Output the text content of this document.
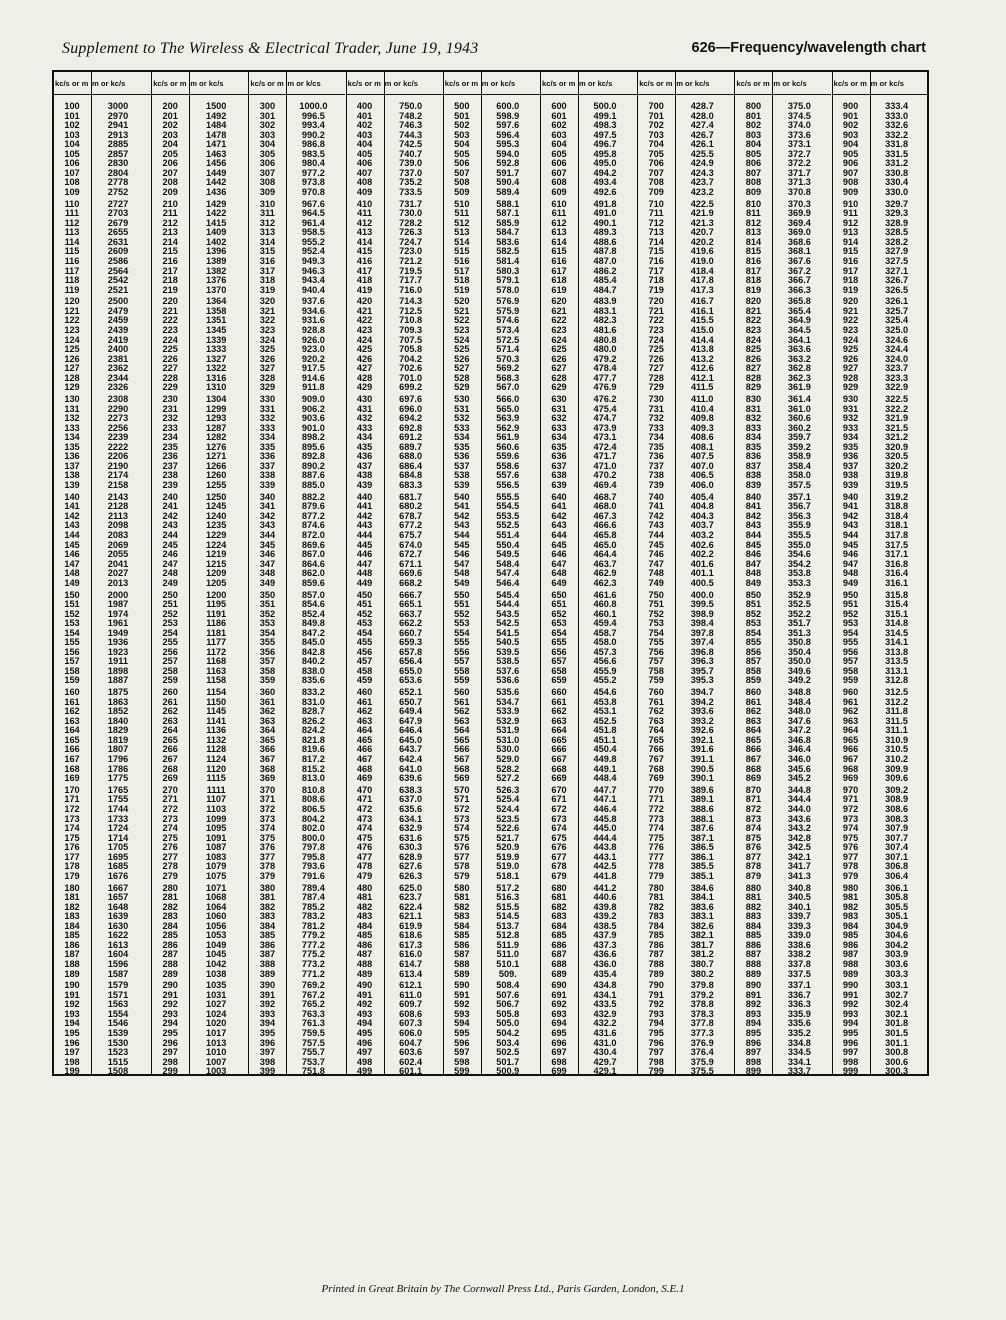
Supplement to The Wireless & Electrical Trader, June 19, 1943	626—Frequency/wavelength chart
kc/s or m m or kc/s
100	3000
101	2970
102	2941
103	2913
104	2885
105	2857
106	2830
107	2804
108	2778
109	2752
110	2727
111	2703
112	2679
113	2655
114	2631
115	2609
116	2586
117	2564
118	2542
119	2521
120	2500
121	2479
122	2459
123	2439
124	2419
125	2400
126	2381
127	2362
128	2344
129	2326
130	2308
131	2290
132	2273
133	2256
134	2239
135	2222
136	2206
137	2190
138	2174
139	2158
140	2143
141	2128
142	2113
143	2098
144	2083
145	2069
146	2055
147	2041
148	2027
149	2013
150	2000
151	1987
152	1974
153	1961
154	1949
155	1936
156	1923
157	1911
158	1898
159	1887
160	1875
161	1863
162	1852
163	1840
164	1829
165	1819
166	1807
167	1796
168	1786
169	1775
170	1765
171	1755
172	1744
173	1733
174	1724
175	1714
176	1705
177	1695
178	1685
179	1676
180	1667
181	1657
182	1648
183	1639
184	1630
185	1622
186	1613
187	1604
188	1596
189	1587
190	1579
191	1571
192	1563
193	1554
194	1546
195	1539
196	1530
197	1523
198	1515
199	1508
kc/s or m m or kc/s
200	1500
201	1492
202	1484
203	1478
204	1471
205	1463
206	1456
207	1449
208	1442
209	1436
210	1429
211	1422
212	1415
213	1409
214	1402
215	1396
216	1389
217	1382
218	1376
219	1370
220	1364
221	1358
222	1351
223	1345
224	1339
225	1333
226	1327
227	1322
228	1316
229	1310
230	1304
231	1299
232	1293
233	1287
234	1282
235	1276
236	1271
237	1266
238	1260
239	1255
240	1250
241	1245
242	1240
243	1235
244	1229
245	1224
246	1219
247	1215
248	1209
249	1205
250	1200
251	1195
252	1191
253	1186
254	1181
255	1177
256	1172
257	1168
258	1163
259	1158
260	1154
261	1150
262	1145
263	1141
264	1136
265	1132
266	1128
267	1124
268	1120
269	1115
270	1111
271	1107
272	1103
273	1099
274	1095
275	1091
276	1087
277	1083
278	1079
279	1075
280	1071
281	1068
282	1064
283	1060
284	1056
285	1053
286	1049
287	1045
288	1042
289	1038
290	1035
291	1031
292	1027
293	1024
294	1020
295	1017
296	1013
297	1010
298	1007
299	1003
kc/s or m m or k/cs
300	1000.0
301	996.5
302	993.4
303	990.2
304	986.8
305	983.5
306	980.4
307	977.2
308	973.8
309	970.8
310	967.6
311	964.5
312	961.4
313	958.5
314	955.2
315	952.4
316	949.3
317	946.3
318	943.4
319	940.4
320	937.6
321	934.6
322	931.6
323	928.8
324	926.0
325	923.0
326	920.2
327	917.5
328	914.6
329	911.8
330	909.0
331	906.2
332	903.6
333	901.0
334	898.2
335	895.6
336	892.8
337	890.2
338	887.6
339	885.0
340	882.2
341	879.6
342	877.2
343	874.6
344	872.0
345	869.6
346	867.0
347	864.6
348	862.0
349	859.6
350	857.0
351	854.6
352	852.4
353	849.8
354	847.2
355	845.0
356	842.8
357	840.2
358	838.0
359	835.6
360	833.2
361	831.0
362	828.7
363	826.2
364	824.2
365	821.8
366	819.6
367	817.2
368	815.2
369	813.0
370	810.8
371	808.6
372	806.5
373	804.2
374	802.0
375	800.0
376	797.8
377	795.8
378	793.6
379	791.6
380	789.4
381	787.4
382	785.2
383	783.2
384	781.2
385	779.2
386	777.2
387	775.2
388	773.2
389	771.2
390	769.2
391	767.2
392	765.2
393	763.3
394	761.3
395	759.5
396	757.5
397	755.7
398	753.7
399	751.8
kc/s or m m or kc/s
400	750.0
401	748.2
402	746.3
403	744.3
404	742.5
405	740.7
406	739.0
407	737.0
408	735.2
409	733.5
410	731.7
411	730.0
412	728.2
413	726.3
414	724.7
415	723.0
416	721.2
417	719.5
418	717.7
419	716.0
420	714.3
421	712.5
422	710.8
423	709.3
424	707.5
425	705.8
426	704.2
427	702.6
428	701.0
429	699.2
430	697.6
431	696.0
432	694.2
433	692.8
434	691.2
435	689.7
436	688.0
437	686.4
438	684.8
439	683.3
440	681.7
441	680.2
442	678.7
443	677.2
444	675.7
445	674.0
446	672.7
447	671.1
448	669.6
449	668.2
450	666.7
451	665.1
452	663.7
453	662.2
454	660.7
455	659.3
456	657.8
457	656.4
458	655.0
459	653.6
460	652.1
461	650.7
462	649.4
463	647.9
464	646.4
465	645.0
466	643.7
467	642.4
468	641.0
469	639.6
470	638.3
471	637.0
472	635.6
473	634.1
474	632.9
475	631.6
476	630.3
477	628.9
478	627.6
479	626.3
480	625.0
481	623.7
482	622.4
483	621.1
484	619.9
485	618.6
486	617.3
487	616.0
488	614.7
489	613.4
490	612.1
491	611.0
492	609.7
493	608.6
494	607.3
495	606.0
496	604.7
497	603.6
498	602.4
499	601.1
kc/s or m m or kc/s
500	600.0
501	598.9
502	597.6
503	596.4
504	595.3
505	594.0
506	592.8
507	591.7
508	590.4
509	589.4
510	588.1
511	587.1
512	585.9
513	584.7
514	583.6
515	582.5
516	581.4
517	580.3
518	579.1
519	578.0
520	576.9
521	575.9
522	574.6
523	573.4
524	572.5
525	571.4
526	570.3
527	569.2
528	568.3
529	567.0
530	566.0
531	565.0
532	563.9
533	562.9
534	561.9
535	560.6
536	559.6
537	558.6
538	557.6
539	556.5
540	555.5
541	554.5
542	553.5
543	552.5
544	551.4
545	550.4
546	549.5
547	548.4
548	547.4
549	546.4
550	545.4
551	544.4
552	543.5
553	542.5
554	541.5
555	540.5
556	539.5
557	538.5
558	537.6
559	536.6
560	535.6
561	534.7
562	533.9
563	532.9
564	531.9
565	531.0
566	530.0
567	529.0
568	528.2
569	527.2
570	526.3
571	525.4
572	524.4
573	523.5
574	522.6
575	521.7
576	520.9
577	519.9
578	519.0
579	518.1
580	517.2
581	516.3
582	515.5
583	514.5
584	513.7
585	512.8
586	511.9
587	511.0
588	510.1
589	509.
590	508.4
591	507.6
592	506.7
593	505.8
594	505.0
595	504.2
596	503.4
597	502.5
598	501.7
599	500.9
kc/s or m m or kc/s
600	500.0
601	499.1
602	498.3
603	497.5
604	496.7
605	495.8
606	495.0
607	494.2
608	493.4
609	492.6
610	491.8
611	491.0
612	490.1
613	489.3
614	488.6
615	487.8
616	487.0
617	486.2
618	485.4
619	484.7
620	483.9
621	483.1
622	482.3
623	481.6
624	480.8
625	480.0
626	479.2
627	478.4
628	477.7
629	476.9
630	476.2
631	475.4
632	474.7
633	473.9
634	473.1
635	472.4
636	471.7
637	471.0
638	470.2
639	469.4
640	468.7
641	468.0
642	467.3
643	466.6
644	465.8
645	465.0
646	464.4
647	463.7
648	462.9
649	462.3
650	461.6
651	460.8
652	460.1
653	459.4
654	458.7
655	458.0
656	457.3
657	456.6
658	455.9
659	455.2
660	454.6
661	453.8
662	453.1
663	452.5
664	451.8
665	451.1
666	450.4
667	449.8
668	449.1
669	448.4
670	447.7
671	447.1
672	446.4
673	445.8
674	445.0
675	444.4
676	443.8
677	443.1
678	442.5
679	441.8
680	441.2
681	440.6
682	439.8
683	439.2
684	438.5
685	437.9
686	437.3
687	436.6
688	436.0
689	435.4
690	434.8
691	434.1
692	433.5
693	432.9
694	432.2
695	431.6
696	431.0
697	430.4
698	429.7
699	429.1
kc/s or m m or kc/s
700	428.7
701	428.0
702	427.4
703	426.7
704	426.1
705	425.5
706	424.9
707	424.3
708	423.7
709	423.2
710	422.5
711	421.9
712	421.3
713	420.7
714	420.2
715	419.6
716	419.0
717	418.4
718	417.8
719	417.3
720	416.7
721	416.1
722	415.5
723	415.0
724	414.4
725	413.8
726	413.2
727	412.6
728	412.1
729	411.5
730	411.0
731	410.4
732	409.8
733	409.3
734	408.6
735	408.1
736	407.5
737	407.0
738	406.5
739	406.0
740	405.4
741	404.8
742	404.3
743	403.7
744	403.2
745	402.6
746	402.2
747	401.6
748	401.1
749	400.5
750	400.0
751	399.5
752	398.9
753	398.4
754	397.8
755	397.4
756	396.8
757	396.3
758	395.7
759	395.3
760	394.7
761	394.2
762	393.6
763	393.2
764	392.6
765	392.1
766	391.6
767	391.1
768	390.5
769	390.1
770	389.6
771	389.1
772	388.6
773	388.1
774	387.6
775	387.1
776	386.5
777	386.1
778	385.5
779	385.1
780	384.6
781	384.1
782	383.6
783	383.1
784	382.6
785	382.1
786	381.7
787	381.2
788	380.7
789	380.2
790	379.8
791	379.2
792	378.8
793	378.3
794	377.8
795	377.3
796	376.9
797	376.4
798	375.9
799	375.5
kc/s or m m or kc/s
800	375.0
801	374.5
802	374.0
803	373.6
804	373.1
805	372.7
806	372.2
807	371.7
808	371.3
809	370.8
810	370.3
811	369.9
812	369.4
813	369.0
814	368.6
815	368.1
816	367.6
817	367.2
818	366.7
819	366.3
820	365.8
821	365.4
822	364.9
823	364.5
824	364.1
825	363.6
826	363.2
827	362.8
828	362.3
829	361.9
830	361.4
831	361.0
832	360.6
833	360.2
834	359.7
835	359.2
836	358.9
837	358.4
838	358.0
839	357.5
840	357.1
841	356.7
842	356.3
843	355.9
844	355.5
845	355.0
846	354.6
847	354.2
848	353.8
849	353.3
850	352.9
851	352.5
852	352.2
853	351.7
854	351.3
855	350.8
856	350.4
857	350.0
858	349.6
859	349.2
860	348.8
861	348.4
862	348.0
863	347.6
864	347.2
865	346.8
866	346.4
867	346.0
868	345.6
869	345.2
870	344.8
871	344.4
872	344.0
873	343.6
874	343.2
875	342.8
876	342.5
877	342.1
878	341.7
879	341.3
880	340.8
881	340.5
882	340.1
883	339.7
884	339.3
885	339.0
886	338.6
887	338.2
888	337.8
889	337.5
890	337.1
891	336.7
892	336.3
893	335.9
894	335.6
895	335.2
896	334.8
897	334.5
898	334.1
899	333.7
kc/s or m m or kc/s
900	333.4
901	333.0
902	332.6
903	332.2
904	331.8
905	331.5
906	331.2
907	330.8
908	330.4
909	330.0
910	329.7
911	329.3
912	328.9
913	328.5
914	328.2
915	327.9
916	327.5
917	327.1
918	326.7
919	326.5
920	326.1
921	325.7
922	325.4
923	325.0
924	324.6
925	324.4
926	324.0
927	323.7
928	323.3
929	322.9
930	322.5
931	322.2
932	321.9
933	321.5
934	321.2
935	320.9
936	320.5
937	320.2
938	319.8
939	319.5
940	319.2
941	318.8
942	318.4
943	318.1
944	317.8
945	317.5
946	317.1
947	316.8
948	316.4
949	316.1
950	315.8
951	315.4
952	315.1
953	314.8
954	314.5
955	314.1
956	313.8
957	313.5
958	313.1
959	312.8
960	312.5
961	312.2
962	311.8
963	311.5
964	311.1
965	310.9
966	310.5
967	310.2
968	309.9
969	309.6
970	309.2
971	308.9
972	308.6
973	308.3
974	307.9
975	307.7
976	307.4
977	307.1
978	306.8
979	306.4
980	306.1
981	305.8
982	305.5
983	305.1
984	304.9
985	304.6
986	304.2
987	303.9
988	303.6
989	303.3
990	303.1
991	302.7
992	302.4
993	302.1
994	301.8
995	301.5
996	301.1
997	300.8
998	300.6
999	300.3
Printed in Great Britain by The Cornwall Press Ltd., Paris Garden, London, S.E.1
